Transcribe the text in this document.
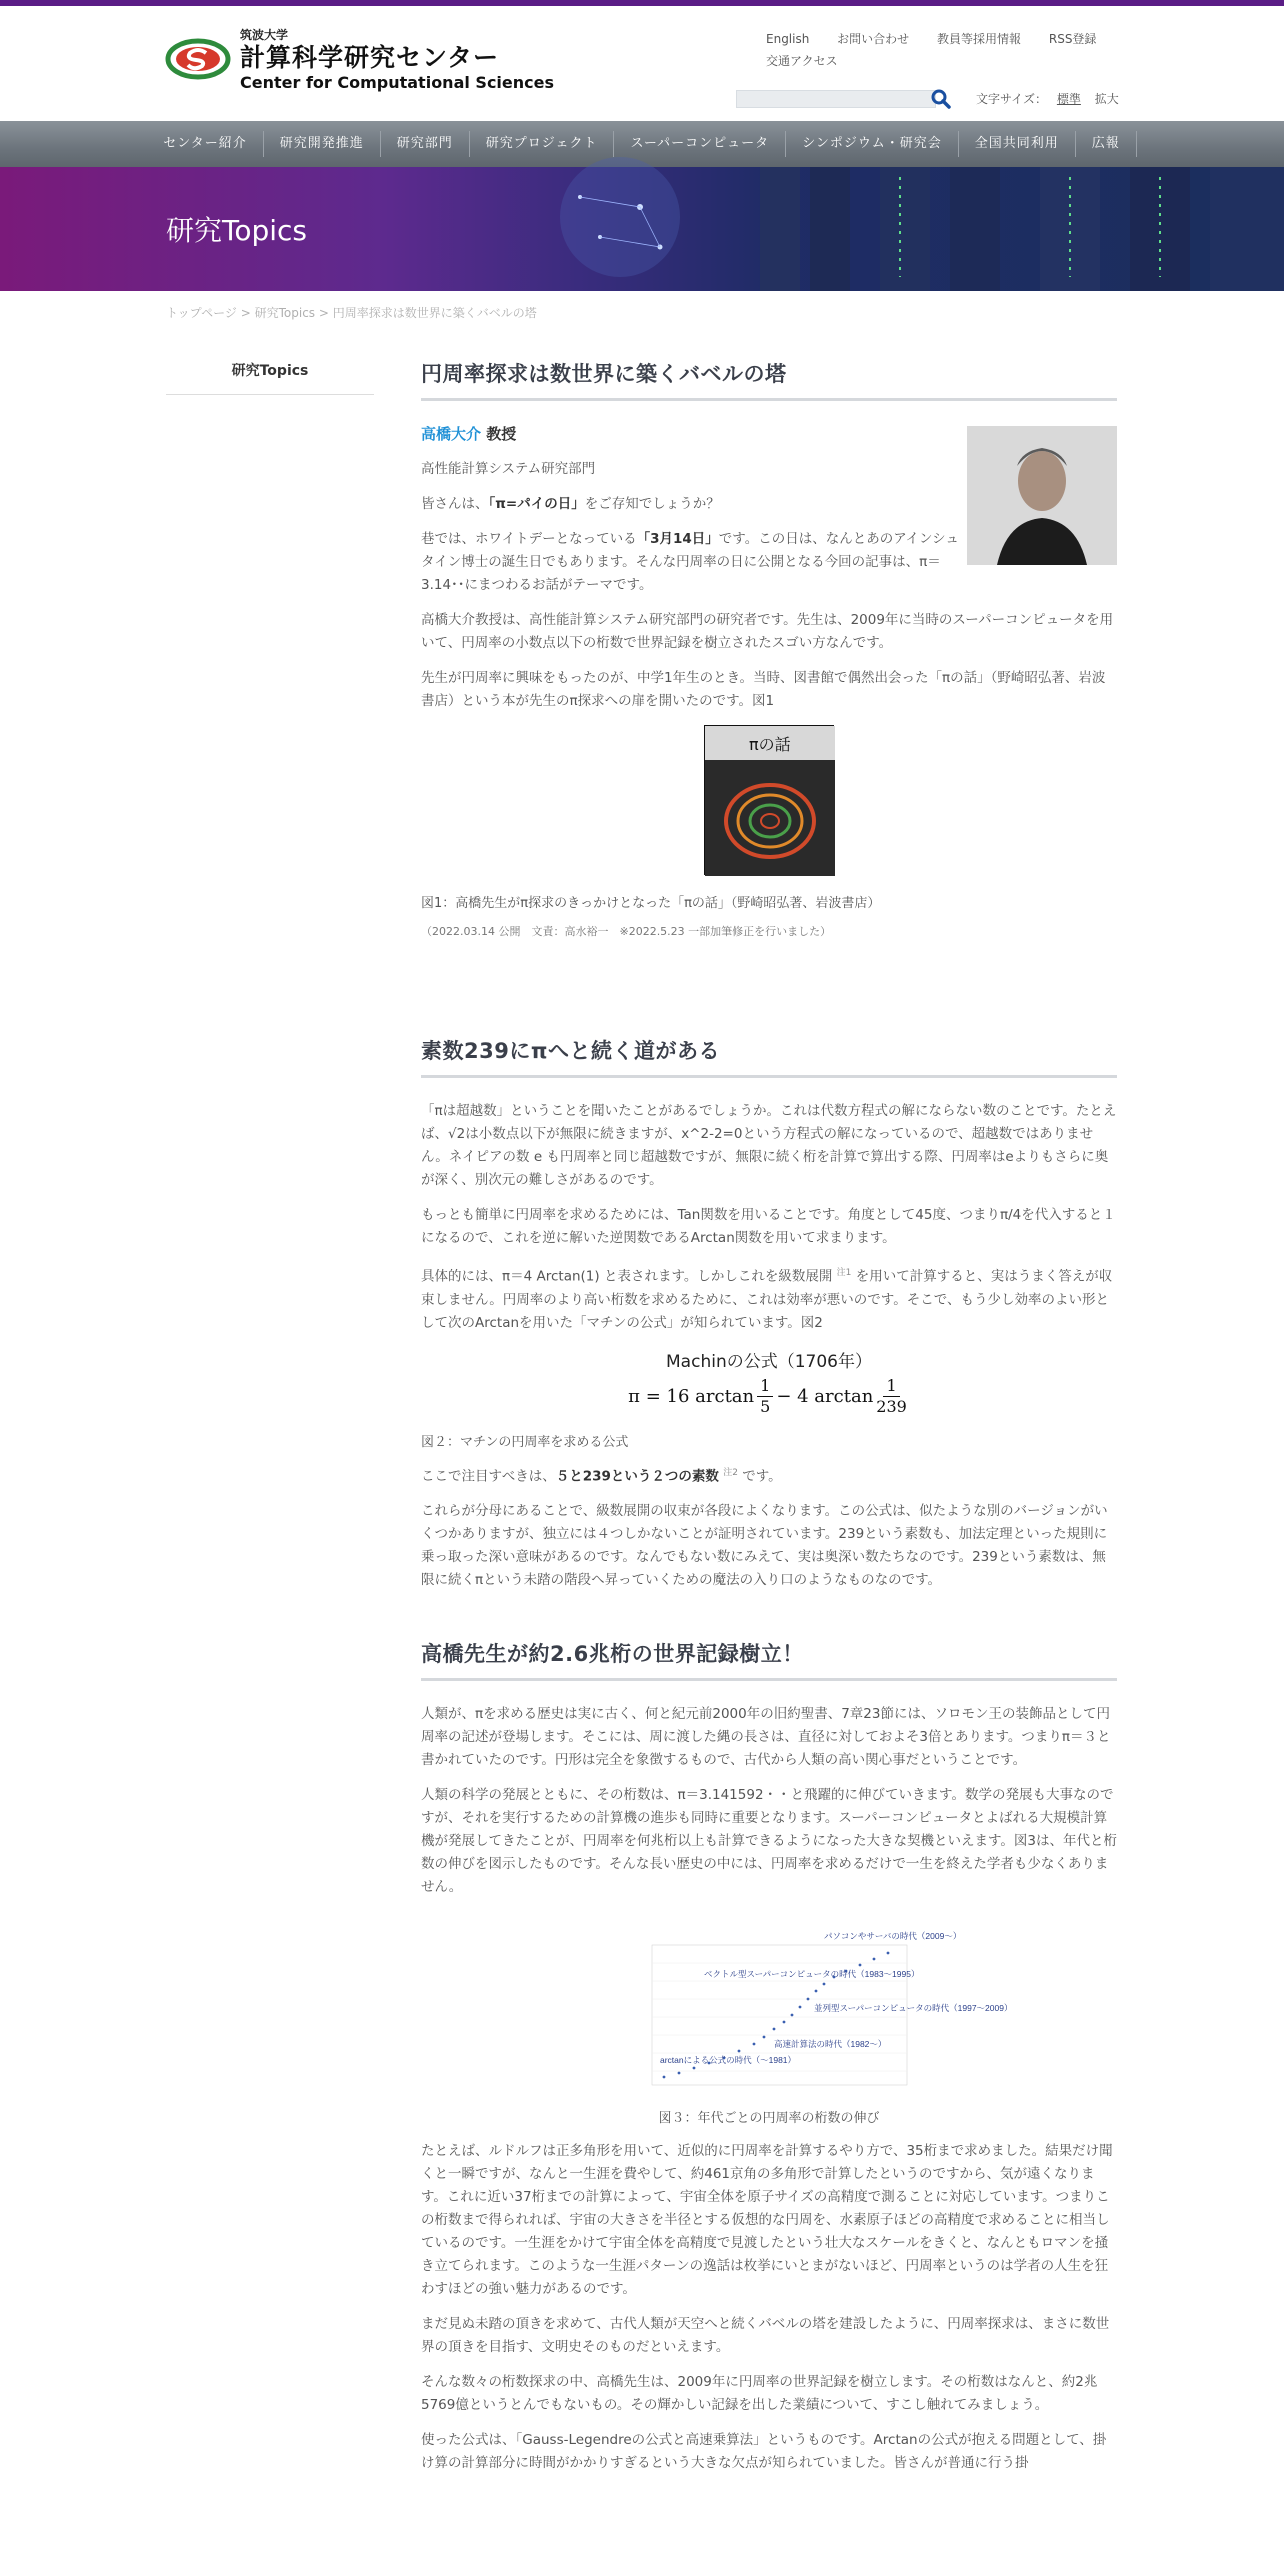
筑波大学
計算科学研究センター
Center for Computational Sciences
English お問い合わせ 教員等採用情報 RSS登録
交通アクセス
文字サイズ： 標準 拡大
センター紹介	研究開発推進	研究部門	研究プロジェクト	スーパーコンピュータ	シンポジウム・研究会	全国共同利用	広報
研究Topics
トップページ > 研究Topics > 円周率探求は数世界に築くバベルの塔
研究Topics	円周率探求は数世界に築くバベルの塔
高橋大介 教授

高性能計算システム研究部門

皆さんは、「π=パイの日」をご存知でしょうか？

巷では、ホワイトデーとなっている「3月14日」です。この日は、なんとあのアインシュタイン博士の誕生日でもあります。そんな円周率の日に公開となる今回の記事は、π＝3.14･･にまつわるお話がテーマです。

高橋大介教授は、高性能計算システム研究部門の研究者です。先生は、2009年に当時のスーパーコンピュータを用いて、円周率の小数点以下の桁数で世界記録を樹立されたスゴい方なんです。

先生が円周率に興味をもったのが、中学1年生のとき。当時、図書館で偶然出会った「πの話」（野崎昭弘著、岩波書店）という本が先生のπ探求への扉を開いたのです。図1

πの話
図1：高橋先生がπ探求のきっかけとなった「πの話」（野崎昭弘著、岩波書店）
（2022.03.14 公開　文責：高水裕一　※2022.5.23 一部加筆修正を行いました）
素数239にπへと続く道がある

「πは超越数」ということを聞いたことがあるでしょうか。これは代数方程式の解にならない数のことです。たとえば、√2は小数点以下が無限に続きますが、x^2-2=0という方程式の解になっているので、超越数ではありません。ネイピアの数 e も円周率と同じ超越数ですが、無限に続く桁を計算で算出する際、円周率はeよりもさらに奥が深く、別次元の難しさがあるのです。

もっとも簡単に円周率を求めるためには、Tan関数を用いることです。角度として45度、つまりπ/4を代入すると１になるので、これを逆に解いた逆関数であるArctan関数を用いて求まります。

具体的には、π＝4 Arctan(1) と表されます。しかしこれを級数展開 $^{注1}$ を用いて計算すると、実はうまく答えが収束しません。円周率のより高い桁数を求めるために、これは効率が悪いのです。そこで、もう少し効率のよい形として次のArctanを用いた「マチンの公式」が知られています。図2

Machinの公式（1706年）
π = 16 $\arctan \frac{1}{5} - 4$ $\arctan \frac{1}{239}$
図２：マチンの円周率を求める公式

ここで注目すべきは、５と239という２つの素数 $^{注2}$ です。

これらが分母にあることで、級数展開の収束が各段によくなります。この公式は、似たような別のバージョンがいくつかありますが、独立には４つしかないことが証明されています。239という素数も、加法定理といった規則に乗っ取った深い意味があるのです。なんでもない数にみえて、実は奥深い数たちなのです。239という素数は、無限に続くπという未踏の階段へ昇っていくための魔法の入り口のようなものなのです。

高橋先生が約2.6兆桁の世界記録樹立！

人類が、πを求める歴史は実に古く、何と紀元前2000年の旧約聖書、7章23節には、ソロモン王の装飾品として円周率の記述が登場します。そこには、周に渡した縄の長さは、直径に対しておよそ3倍とあります。つまりπ＝３と書かれていたのです。円形は完全を象徴するもので、古代から人類の高い関心事だということです。

人類の科学の発展とともに、その桁数は、π＝3.141592・・と飛躍的に伸びていきます。数学の発展も大事なのですが、それを実行するための計算機の進歩も同時に重要となります。スーパーコンピュータとよばれる大規模計算機が発展してきたことが、円周率を何兆桁以上も計算できるようになった大きな契機といえます。図3は、年代と桁数の伸びを図示したものです。そんな長い歴史の中には、円周率を求めるだけで一生を終えた学者も少なくありません。

パソコンやサーバの時代（2009〜）
ベクトル型スーパーコンピュータの時代（1983〜1995）
並列型スーパーコンピュータの時代（1997〜2009）
高速計算法の時代（1982〜）
arctanによる公式の時代（〜1981）
図３：年代ごとの円周率の桁数の伸び

たとえば、ルドルフは正多角形を用いて、近似的に円周率を計算するやり方で、35桁まで求めました。結果だけ聞くと一瞬ですが、なんと一生涯を費やして、約461京角の多角形で計算したというのですから、気が遠くなります。これに近い37桁までの計算によって、宇宙全体を原子サイズの高精度で測ることに対応しています。つまりこの桁数まで得られれば、宇宙の大きさを半径とする仮想的な円周を、水素原子ほどの高精度で求めることに相当しているのです。一生涯をかけて宇宙全体を高精度で見渡したという壮大なスケールをきくと、なんともロマンを掻き立てられます。このような一生涯パターンの逸話は枚挙にいとまがないほど、円周率というのは学者の人生を狂わすほどの強い魅力があるのです。

まだ見ぬ未踏の頂きを求めて、古代人類が天空へと続くバベルの塔を建設したように、円周率探求は、まさに数世界の頂きを目指す、文明史そのものだといえます。

そんな数々の桁数探求の中、高橋先生は、2009年に円周率の世界記録を樹立します。その桁数はなんと、約2兆5769億というとんでもないもの。その輝かしい記録を出した業績について、すこし触れてみましょう。

使った公式は、「Gauss-Legendreの公式と高速乗算法」というものです。Arctanの公式が抱える問題として、掛け算の計算部分に時間がかかりすぎるという大きな欠点が知られていました。皆さんが普通に行う掛
